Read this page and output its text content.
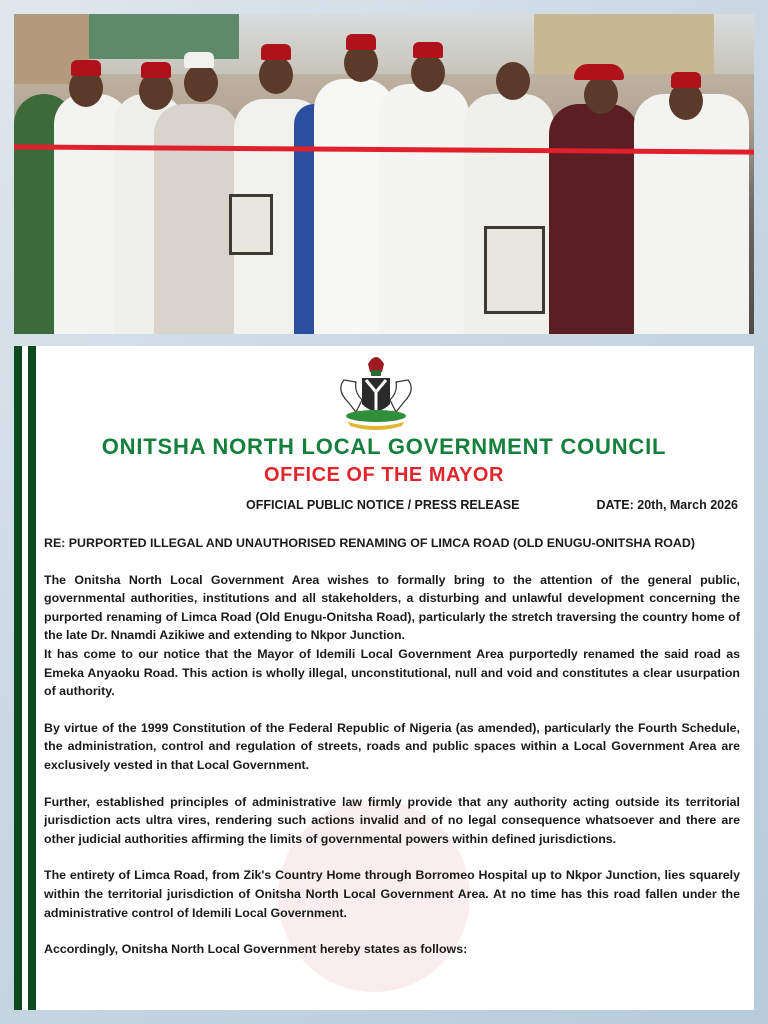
ONITSHA NORTH LOCAL GOVERNMENT COUNCIL
OFFICE OF THE MAYOR
OFFICIAL PUBLIC NOTICE / PRESS RELEASE	DATE: 20th, March 2026
RE: PURPORTED ILLEGAL AND UNAUTHORISED RENAMING OF LIMCA ROAD (OLD ENUGU-ONITSHA ROAD)

The Onitsha North Local Government Area wishes to formally bring to the attention of the general public, governmental authorities, institutions and all stakeholders, a disturbing and unlawful development concerning the purported renaming of Limca Road (Old Enugu-Onitsha Road), particularly the stretch traversing the country home of the late Dr. Nnamdi Azikiwe and extending to Nkpor Junction.

It has come to our notice that the Mayor of Idemili Local Government Area purportedly renamed the said road as Emeka Anyaoku Road. This action is wholly illegal, unconstitutional, null and void and constitutes a clear usurpation of authority.

By virtue of the 1999 Constitution of the Federal Republic of Nigeria (as amended), particularly the Fourth Schedule, the administration, control and regulation of streets, roads and public spaces within a Local Government Area are exclusively vested in that Local Government.

Further, established principles of administrative law firmly provide that any authority acting outside its territorial jurisdiction acts ultra vires, rendering such actions invalid and of no legal consequence whatsoever and there are other judicial authorities affirming the limits of governmental powers within defined jurisdictions.

The entirety of Limca Road, from Zik's Country Home through Borromeo Hospital up to Nkpor Junction, lies squarely within the territorial jurisdiction of Onitsha North Local Government Area. At no time has this road fallen under the administrative control of Idemili Local Government.

Accordingly, Onitsha North Local Government hereby states as follows:
